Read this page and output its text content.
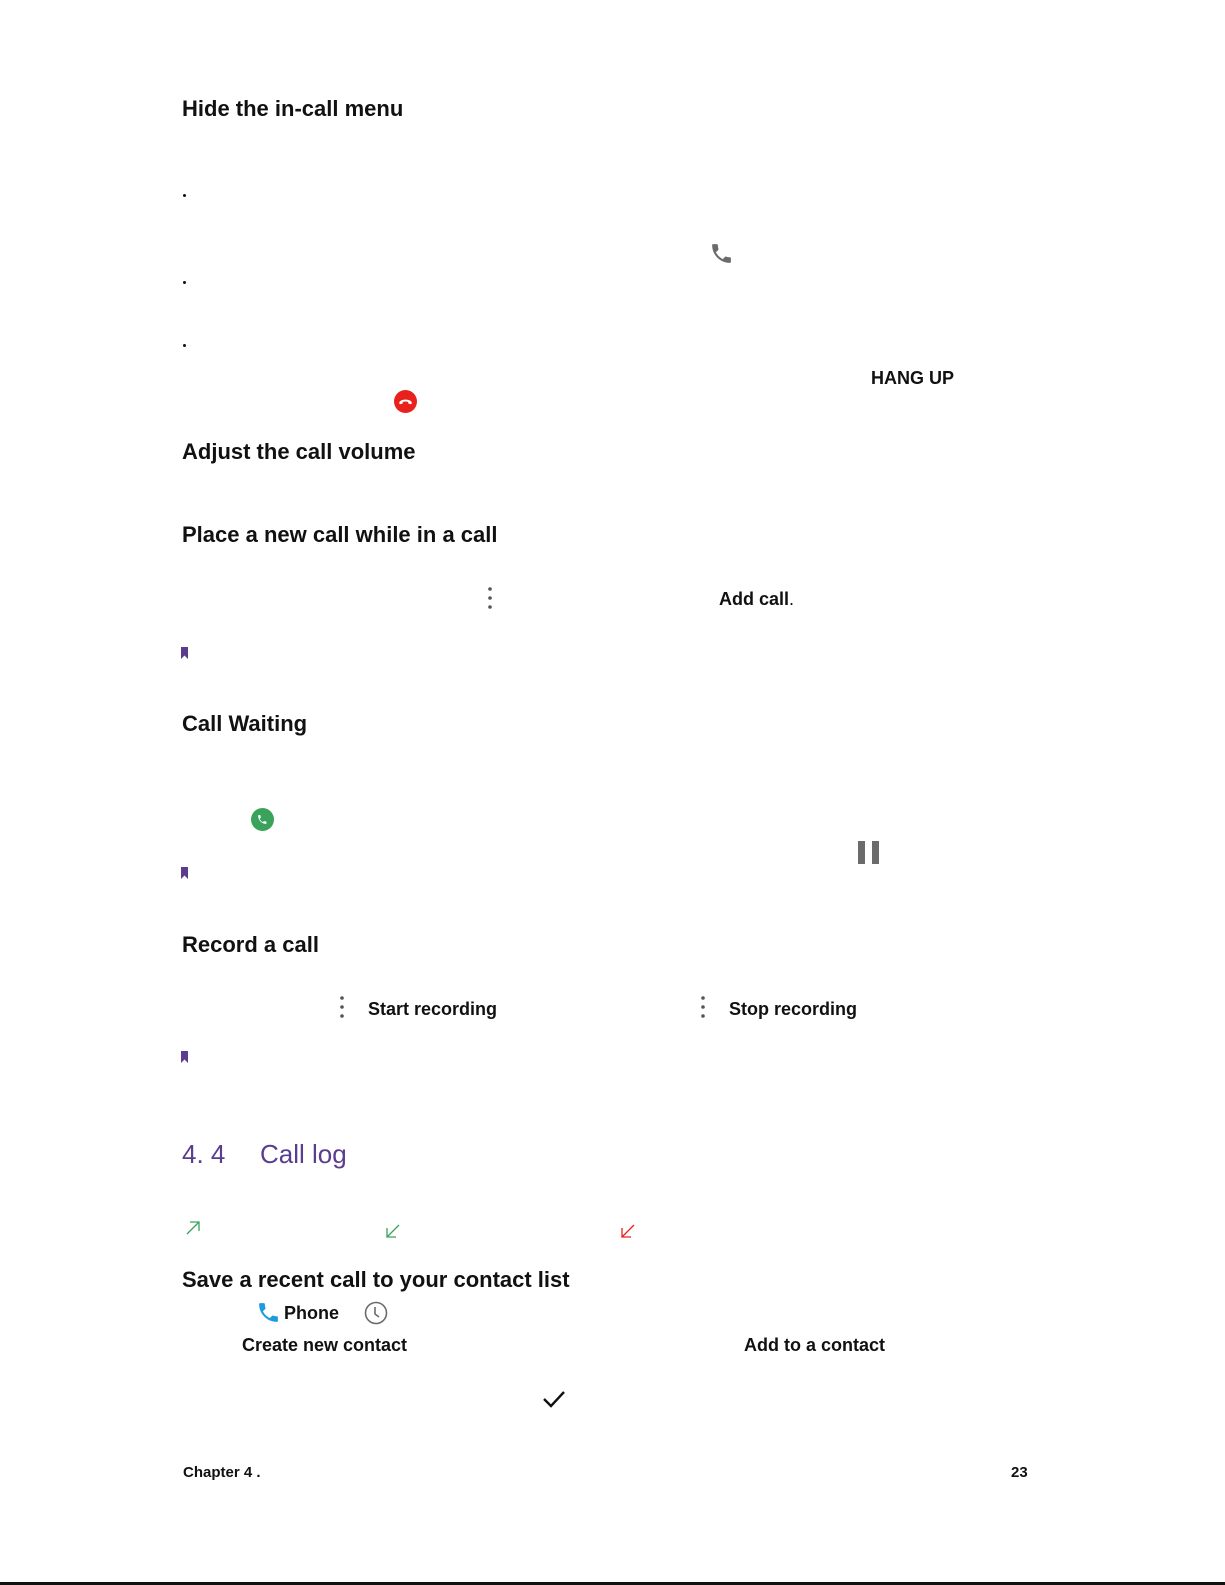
Hide the in-call menu
HANG UP
Adjust the call volume
Place a new call while in a call
Add call.
Call Waiting
Record a call
Start recording	Stop recording
4. 4 Call log
Save a recent call to your contact list
Phone
Create new contact	Add to a contact
Chapter 4 .	23
